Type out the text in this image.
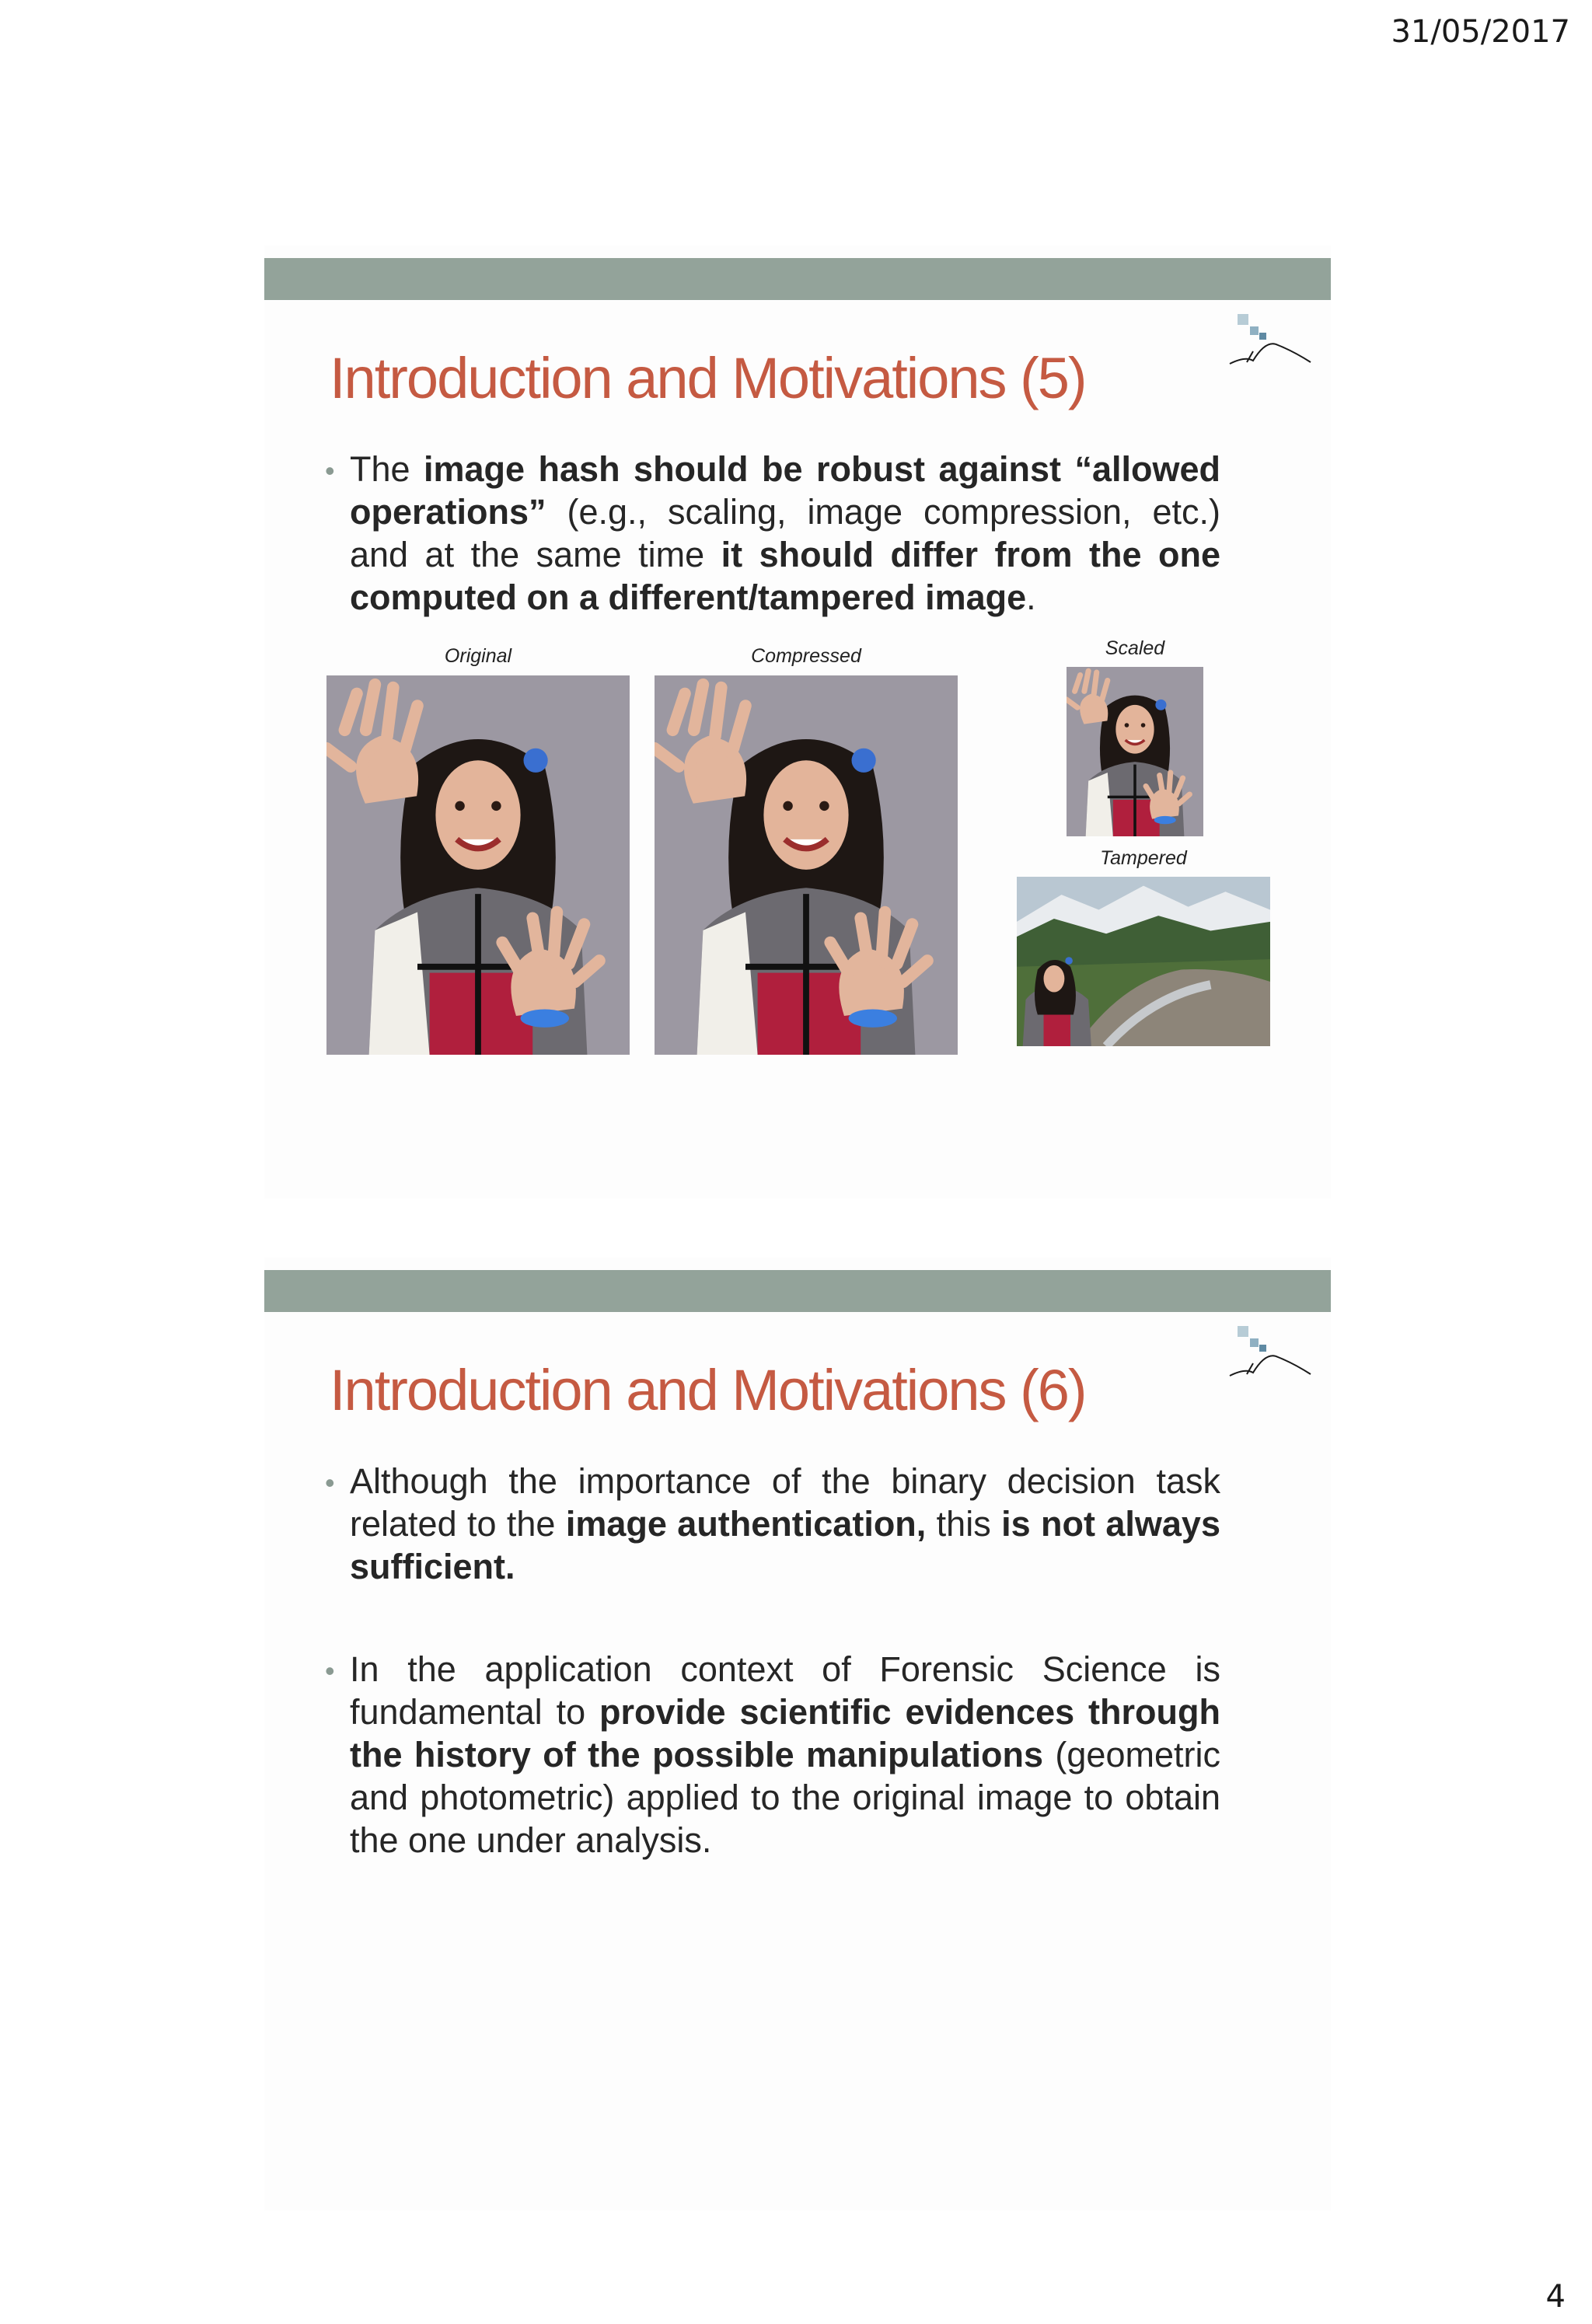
31/05/2017
Introduction and Motivations (5)
• The image hash should be robust against “allowed operations” (e.g., scaling, image compression, etc.) and at the same time it should differ from the one computed on a different/tampered image.
Original	Compressed	Scaled
Tampered
Introduction and Motivations (6)
• Although the importance of the binary decision task related to the image authentication, this is not always sufficient.
• In the application context of Forensic Science is fundamental to provide scientific evidences through the history of the possible manipulations (geometric and photometric) applied to the original image to obtain the one under analysis.
4
